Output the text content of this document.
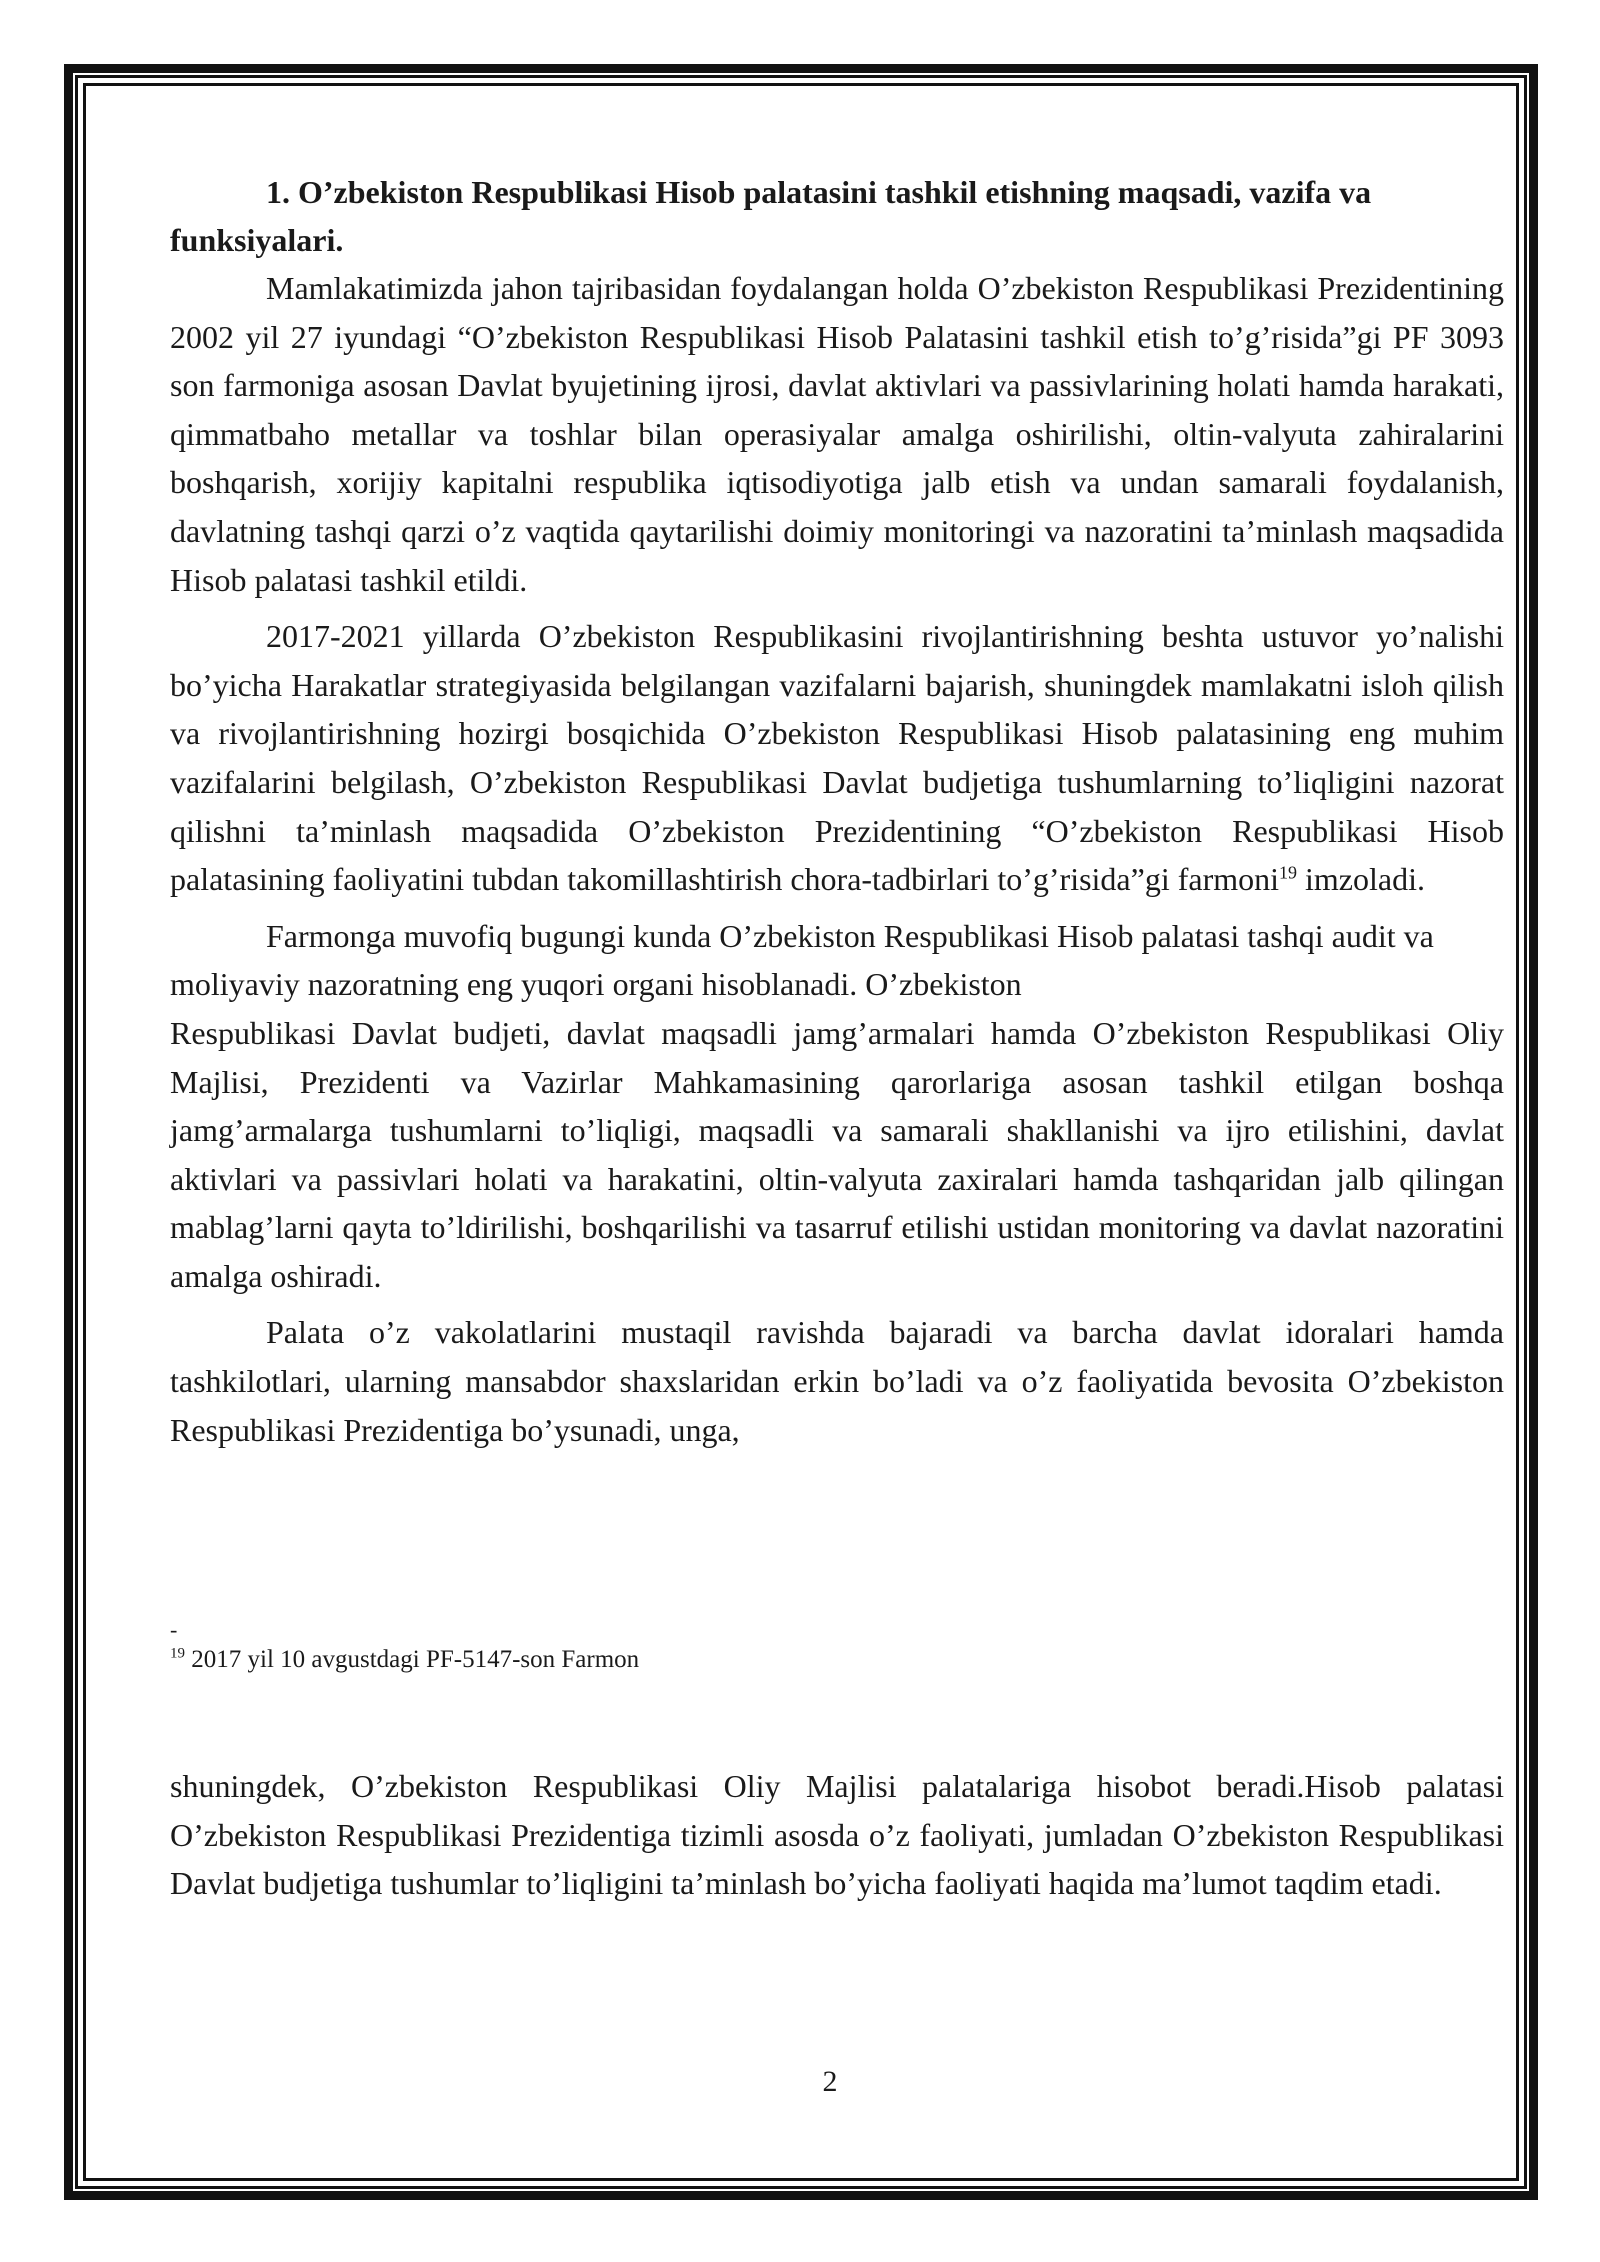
1. O’zbekiston Respublikasi Hisob palatasini tashkil etishning maqsadi, vazifa va funksiyalari.

Mamlakatimizda jahon tajribasidan foydalangan holda O’zbekiston Respublikasi Prezidentining 2002 yil 27 iyundagi “O’zbekiston Respublikasi Hisob Palatasini tashkil etish to’g’risida”gi PF 3093 son farmoniga asosan Davlat byujetining ijrosi, davlat aktivlari va passivlarining holati hamda harakati, qimmatbaho metallar va toshlar bilan operasiyalar amalga oshirilishi, oltin-valyuta zahiralarini boshqarish, xorijiy kapitalni respublika iqtisodiyotiga jalb etish va undan samarali foydalanish, davlatning tashqi qarzi o’z vaqtida qaytarilishi doimiy monitoringi va nazoratini ta’minlash maqsadida Hisob palatasi tashkil etildi.

2017-2021 yillarda O’zbekiston Respublikasini rivojlantirishning beshta ustuvor yo’nalishi bo’yicha Harakatlar strategiyasida belgilangan vazifalarni bajarish, shuningdek mamlakatni isloh qilish va rivojlantirishning hozirgi bosqichida O’zbekiston Respublikasi Hisob palatasining eng muhim vazifalarini belgilash, O’zbekiston Respublikasi Davlat budjetiga tushumlarning to’liqligini nazorat qilishni ta’minlash maqsadida O’zbekiston Prezidentining “O’zbekiston Respublikasi Hisob palatasining faoliyatini tubdan takomillashtirish chora-tadbirlari to’g’risida”gi farmoni$^{19}$ imzoladi.

Farmonga muvofiq bugungi kunda O’zbekiston Respublikasi Hisob palatasi tashqi audit va moliyaviy nazoratning eng yuqori organi hisoblanadi. O’zbekiston

Respublikasi Davlat budjeti, davlat maqsadli jamg’armalari hamda O’zbekiston Respublikasi Oliy Majlisi, Prezidenti va Vazirlar Mahkamasining qarorlariga asosan tashkil etilgan boshqa jamg’armalarga tushumlarni to’liqligi, maqsadli va samarali shakllanishi va ijro etilishini, davlat aktivlari va passivlari holati va harakatini, oltin-valyuta zaxiralari hamda tashqaridan jalb qilingan mablag’larni qayta to’ldirilishi, boshqarilishi va tasarruf etilishi ustidan monitoring va davlat nazoratini amalga oshiradi.

Palata o’z vakolatlarini mustaqil ravishda bajaradi va barcha davlat idoralari hamda tashkilotlari, ularning mansabdor shaxslaridan erkin bo’ladi va o’z faoliyatida bevosita O’zbekiston Respublikasi Prezidentiga bo’ysunadi, unga,

-

$^{19}$ 2017 yil 10 avgustdagi PF-5147-son Farmon

shuningdek, O’zbekiston Respublikasi Oliy Majlisi palatalariga hisobot beradi.Hisob palatasi O’zbekiston Respublikasi Prezidentiga tizimli asosda o’z faoliyati, jumladan O’zbekiston Respublikasi Davlat budjetiga tushumlar to’liqligini ta’minlash bo’yicha faoliyati haqida ma’lumot taqdim etadi.

2
